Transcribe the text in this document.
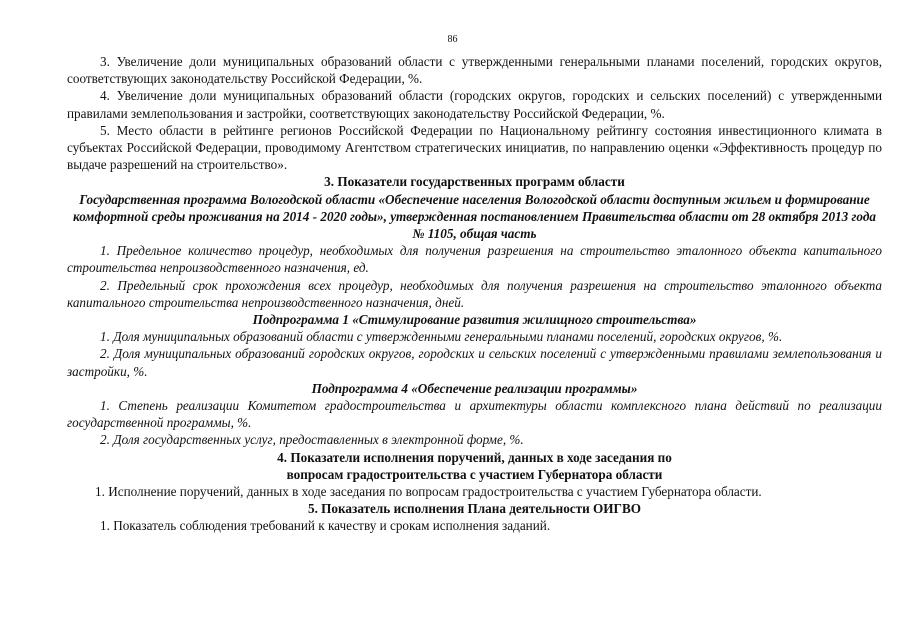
86

3. Увеличение доли муниципальных образований области с утвержденными генеральными планами поселений, городских округов, соответствующих законодательству Российской Федерации, %.

4. Увеличение доли муниципальных образований области (городских округов, городских и сельских поселений) с утвержденными правилами землепользования и застройки, соответствующих законодательству Российской Федерации, %.

5. Место области в рейтинге регионов Российской Федерации по Национальному рейтингу состояния инвестиционного климата в субъектах Российской Федерации, проводимому Агентством стратегических инициатив, по направлению оценки «Эффективность процедур по выдаче разрешений на строительство».

3. Показатели государственных программ области

Государственная программа Вологодской области «Обеспечение населения Вологодской области доступным жильем и формирование комфортной среды проживания на 2014 - 2020 годы», утвержденная постановлением Правительства области от 28 октября 2013 года № 1105, общая часть

1. Предельное количество процедур, необходимых для получения разрешения на строительство эталонного объекта капитального строительства непроизводственного назначения, ед.

2. Предельный срок прохождения всех процедур, необходимых для получения разрешения на строительство эталонного объекта капитального строительства непроизводственного назначения, дней.

Подпрограмма 1 «Стимулирование развития жилищного строительства»

1. Доля муниципальных образований области с утвержденными генеральными планами поселений, городских округов, %.

2. Доля муниципальных образований городских округов, городских и сельских поселений с утвержденными правилами землепользования и застройки, %.

Подпрограмма 4 «Обеспечение реализации программы»

1. Степень реализации Комитетом градостроительства и архитектуры области комплексного плана действий по реализации государственной программы, %.

2. Доля государственных услуг, предоставленных в электронной форме, %.

4. Показатели исполнения поручений, данных в ходе заседания по

вопросам градостроительства с участием Губернатора области

1. Исполнение поручений, данных в ходе заседания по вопросам градостроительства с участием Губернатора области.

5. Показатель исполнения Плана деятельности ОИГВО

1. Показатель соблюдения требований к качеству и срокам исполнения заданий.
